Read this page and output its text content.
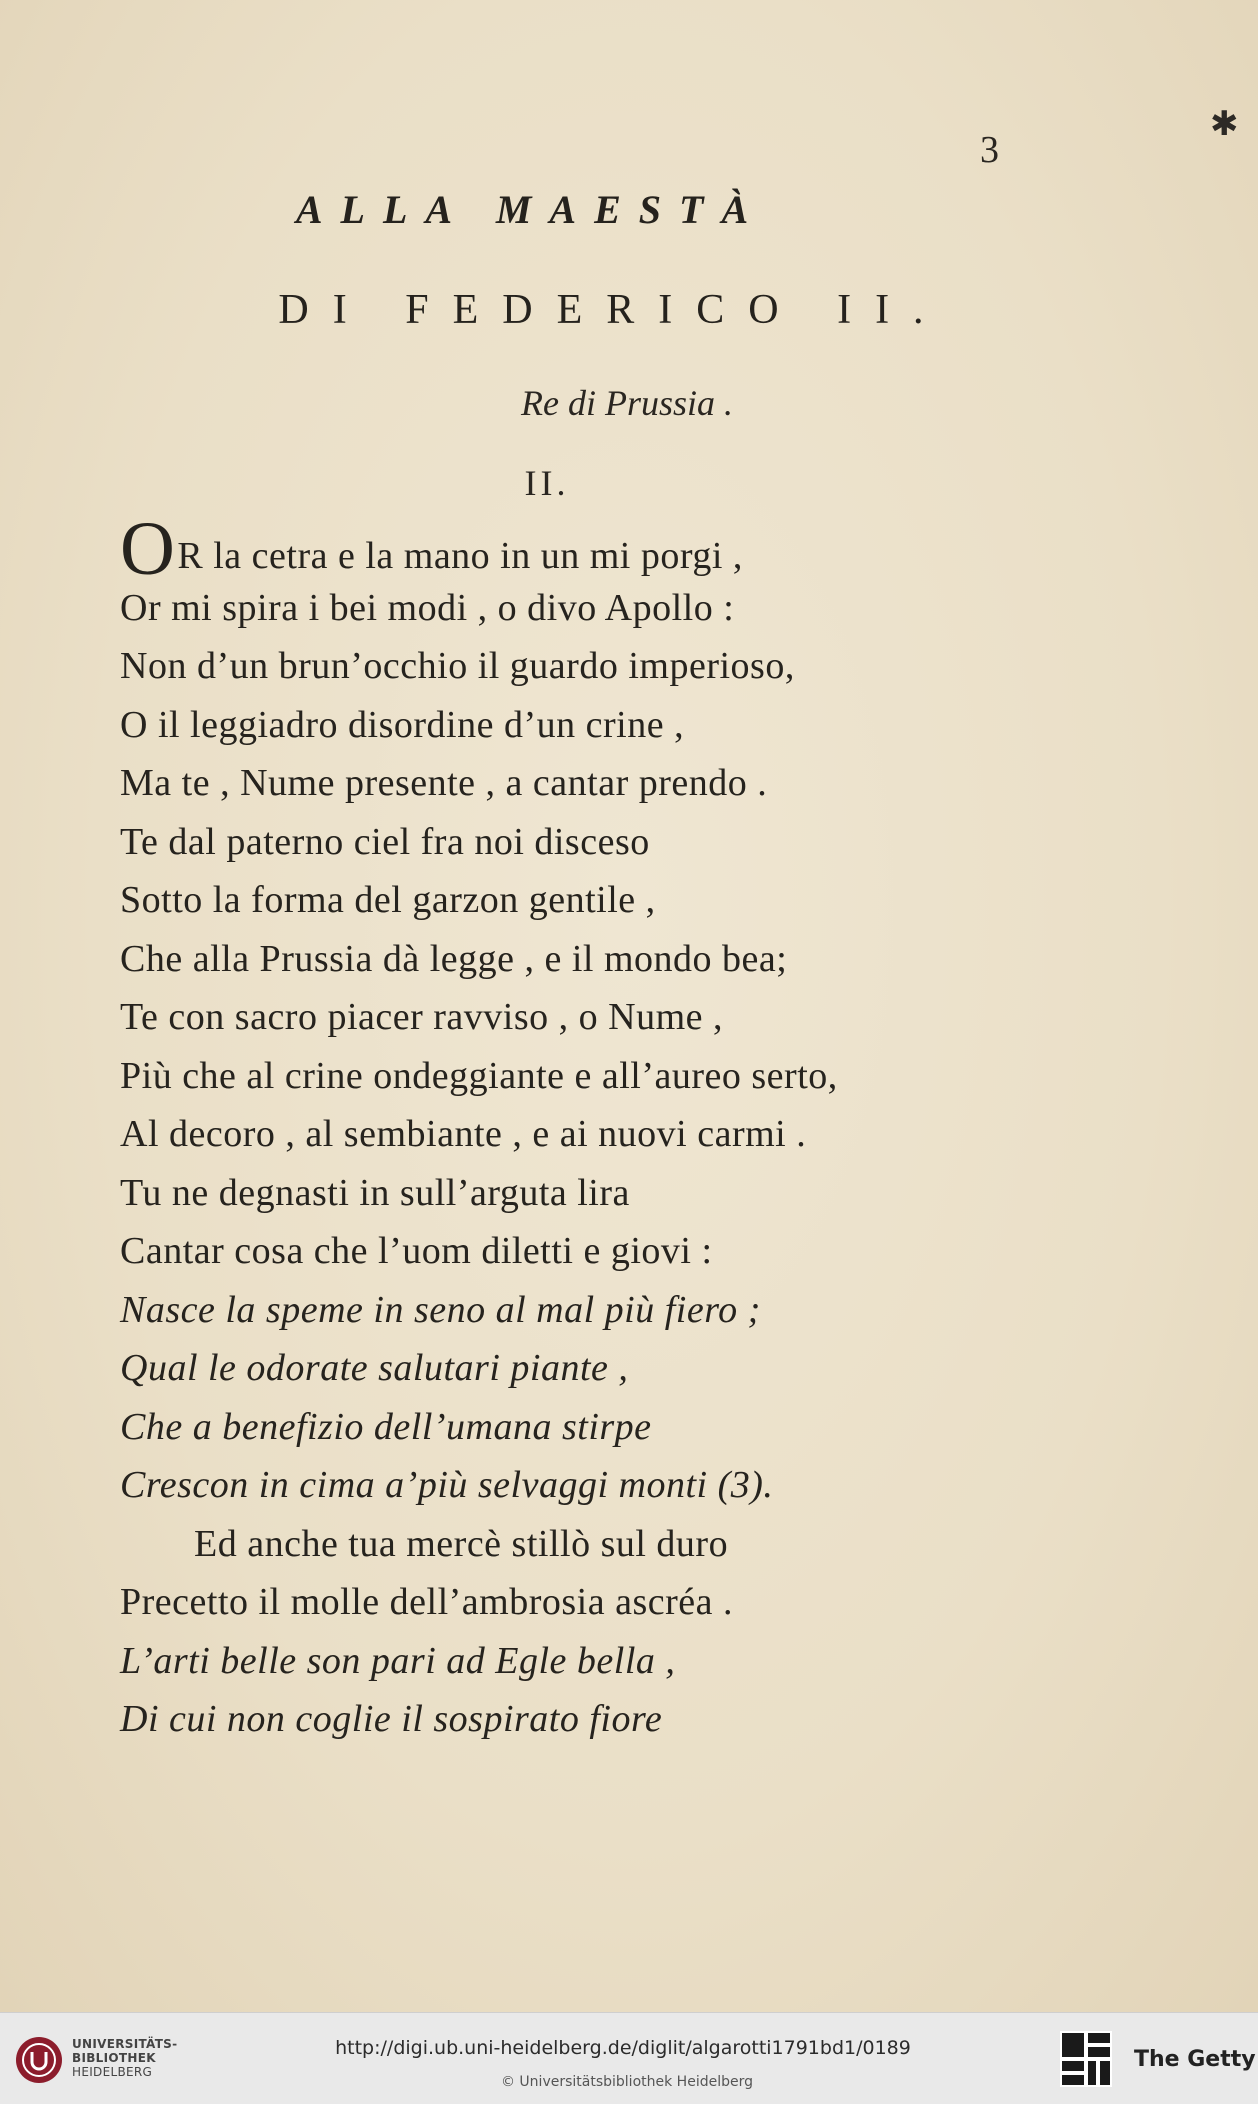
✱
3
ALLA MAESTÀ
DI FEDERICO II.
Re di Prussia .
II.
OR la cetra e la mano in un mi porgi ,
Or mi spira i bei modi , o divo Apollo :
Non d’un brun’occhio il guardo imperioso,
O il leggiadro disordine d’un crine ,
Ma te , Nume presente , a cantar prendo .
Te dal paterno ciel fra noi disceso
Sotto la forma del garzon gentile ,
Che alla Prussia dà legge , e il mondo bea;
Te con sacro piacer ravviso , o Nume ,
Più che al crine ondeggiante e all’aureo serto,
Al decoro , al sembiante , e ai nuovi carmi .
Tu ne degnasti in sull’arguta lira
Cantar cosa che l’uom diletti e giovi :
Nasce la speme in seno al mal più fiero ;
Qual le odorate salutari piante ,
Che a benefizio dell’umana stirpe
Crescon in cima a’più selvaggi monti (3).
Ed anche tua mercè stillò sul duro
Precetto il molle dell’ambrosia ascréa .
L’arti belle son pari ad Egle bella ,
Di cui non coglie il sospirato fiore
UNIVERSITÄTS-
BIBLIOTHEK
HEIDELBERG
http://digi.ub.uni-heidelberg.de/diglit/algarotti1791bd1/0189
© Universitätsbibliothek Heidelberg
The Getty
